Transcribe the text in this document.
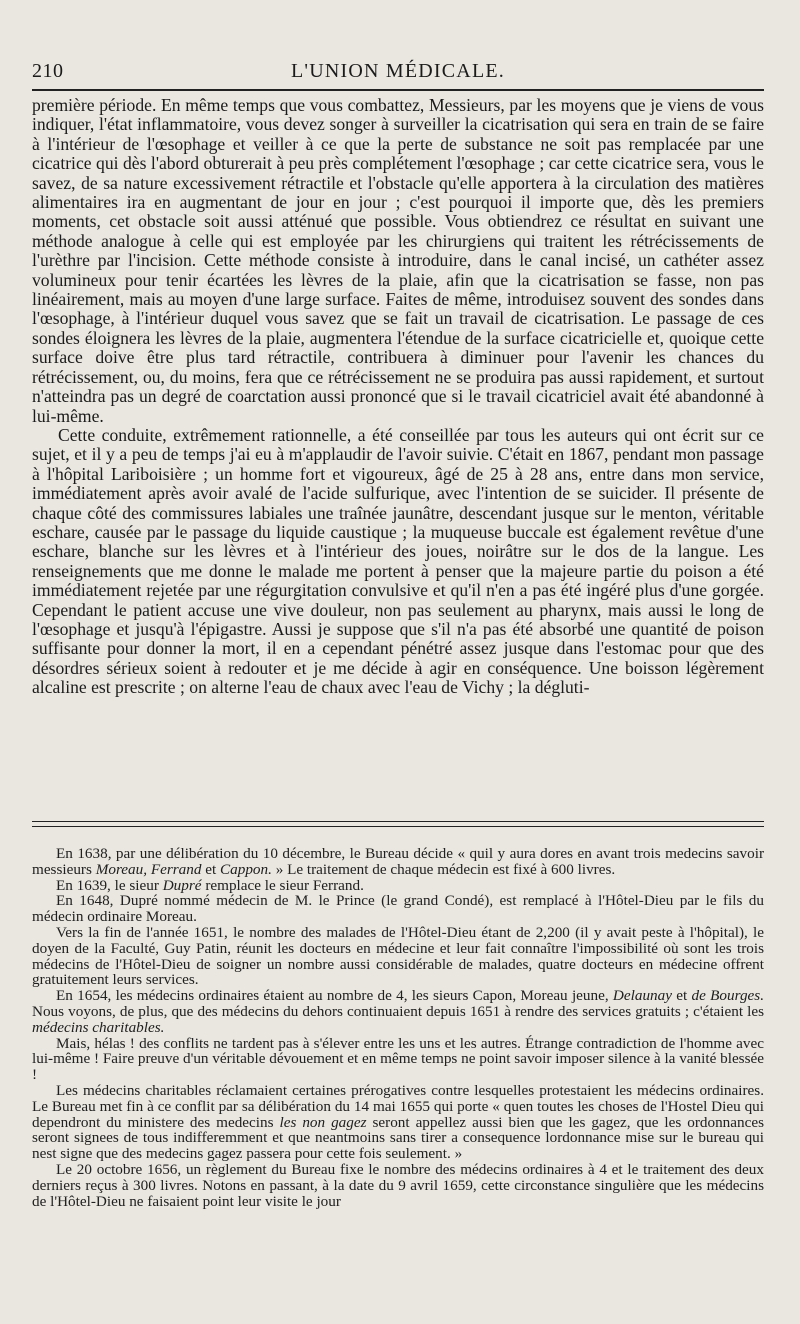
210	L'UNION MÉDICALE.

première période. En même temps que vous combattez, Messieurs, par les moyens que je viens de vous indiquer, l'état inflammatoire, vous devez songer à surveiller la cicatrisation qui sera en train de se faire à l'intérieur de l'œsophage et veiller à ce que la perte de substance ne soit pas remplacée par une cicatrice qui dès l'abord obturerait à peu près complétement l'œsophage ; car cette cicatrice sera, vous le savez, de sa nature excessivement rétractile et l'obstacle qu'elle apportera à la circulation des matières alimentaires ira en augmentant de jour en jour ; c'est pourquoi il importe que, dès les premiers moments, cet obstacle soit aussi atténué que possible. Vous obtiendrez ce résultat en suivant une méthode analogue à celle qui est employée par les chirurgiens qui traitent les rétrécissements de l'urèthre par l'incision. Cette méthode consiste à introduire, dans le canal incisé, un cathéter assez volumineux pour tenir écartées les lèvres de la plaie, afin que la cicatrisation se fasse, non pas linéairement, mais au moyen d'une large surface. Faites de même, introduisez souvent des sondes dans l'œsophage, à l'intérieur duquel vous savez que se fait un travail de cicatrisation. Le passage de ces sondes éloignera les lèvres de la plaie, augmentera l'étendue de la surface cicatricielle et, quoique cette surface doive être plus tard rétractile, contribuera à diminuer pour l'avenir les chances du rétrécissement, ou, du moins, fera que ce rétrécissement ne se produira pas aussi rapidement, et surtout n'atteindra pas un degré de coarctation aussi prononcé que si le travail cicatriciel avait été abandonné à lui-même.

Cette conduite, extrêmement rationnelle, a été conseillée par tous les auteurs qui ont écrit sur ce sujet, et il y a peu de temps j'ai eu à m'applaudir de l'avoir suivie. C'était en 1867, pendant mon passage à l'hôpital Lariboisière ; un homme fort et vigoureux, âgé de 25 à 28 ans, entre dans mon service, immédiatement après avoir avalé de l'acide sulfurique, avec l'intention de se suicider. Il présente de chaque côté des commissures labiales une traînée jaunâtre, descendant jusque sur le menton, véritable eschare, causée par le passage du liquide caustique ; la muqueuse buccale est également revêtue d'une eschare, blanche sur les lèvres et à l'intérieur des joues, noirâtre sur le dos de la langue. Les renseignements que me donne le malade me portent à penser que la majeure partie du poison a été immédiatement rejetée par une régurgitation convulsive et qu'il n'en a pas été ingéré plus d'une gorgée. Cependant le patient accuse une vive douleur, non pas seulement au pharynx, mais aussi le long de l'œsophage et jusqu'à l'épigastre. Aussi je suppose que s'il n'a pas été absorbé une quantité de poison suffisante pour donner la mort, il en a cependant pénétré assez jusque dans l'estomac pour que des désordres sérieux soient à redouter et je me décide à agir en conséquence. Une boisson légèrement alcaline est prescrite ; on alterne l'eau de chaux avec l'eau de Vichy ; la dégluti-

En 1638, par une délibération du 10 décembre, le Bureau décide « quil y aura dores en avant trois medecins savoir messieurs Moreau, Ferrand et Cappon. » Le traitement de chaque médecin est fixé à 600 livres.

En 1639, le sieur Dupré remplace le sieur Ferrand.

En 1648, Dupré nommé médecin de M. le Prince (le grand Condé), est remplacé à l'Hôtel-Dieu par le fils du médecin ordinaire Moreau.

Vers la fin de l'année 1651, le nombre des malades de l'Hôtel-Dieu étant de 2,200 (il y avait peste à l'hôpital), le doyen de la Faculté, Guy Patin, réunit les docteurs en médecine et leur fait connaître l'impossibilité où sont les trois médecins de l'Hôtel-Dieu de soigner un nombre aussi considérable de malades, quatre docteurs en médecine offrent gratuitement leurs services.

En 1654, les médecins ordinaires étaient au nombre de 4, les sieurs Capon, Moreau jeune, Delaunay et de Bourges. Nous voyons, de plus, que des médecins du dehors continuaient depuis 1651 à rendre des services gratuits ; c'étaient les médecins charitables.

Mais, hélas ! des conflits ne tardent pas à s'élever entre les uns et les autres. Étrange contradiction de l'homme avec lui-même ! Faire preuve d'un véritable dévouement et en même temps ne point savoir imposer silence à la vanité blessée !

Les médecins charitables réclamaient certaines prérogatives contre lesquelles protestaient les médecins ordinaires. Le Bureau met fin à ce conflit par sa délibération du 14 mai 1655 qui porte « quen toutes les choses de l'Hostel Dieu qui dependront du ministere des medecins les non gagez seront appellez aussi bien que les gagez, que les ordonnances seront signees de tous indifferemment et que neantmoins sans tirer a consequence lordonnance mise sur le bureau qui nest signe que des medecins gagez passera pour cette fois seulement. »

Le 20 octobre 1656, un règlement du Bureau fixe le nombre des médecins ordinaires à 4 et le traitement des deux derniers reçus à 300 livres. Notons en passant, à la date du 9 avril 1659, cette circonstance singulière que les médecins de l'Hôtel-Dieu ne faisaient point leur visite le jour
